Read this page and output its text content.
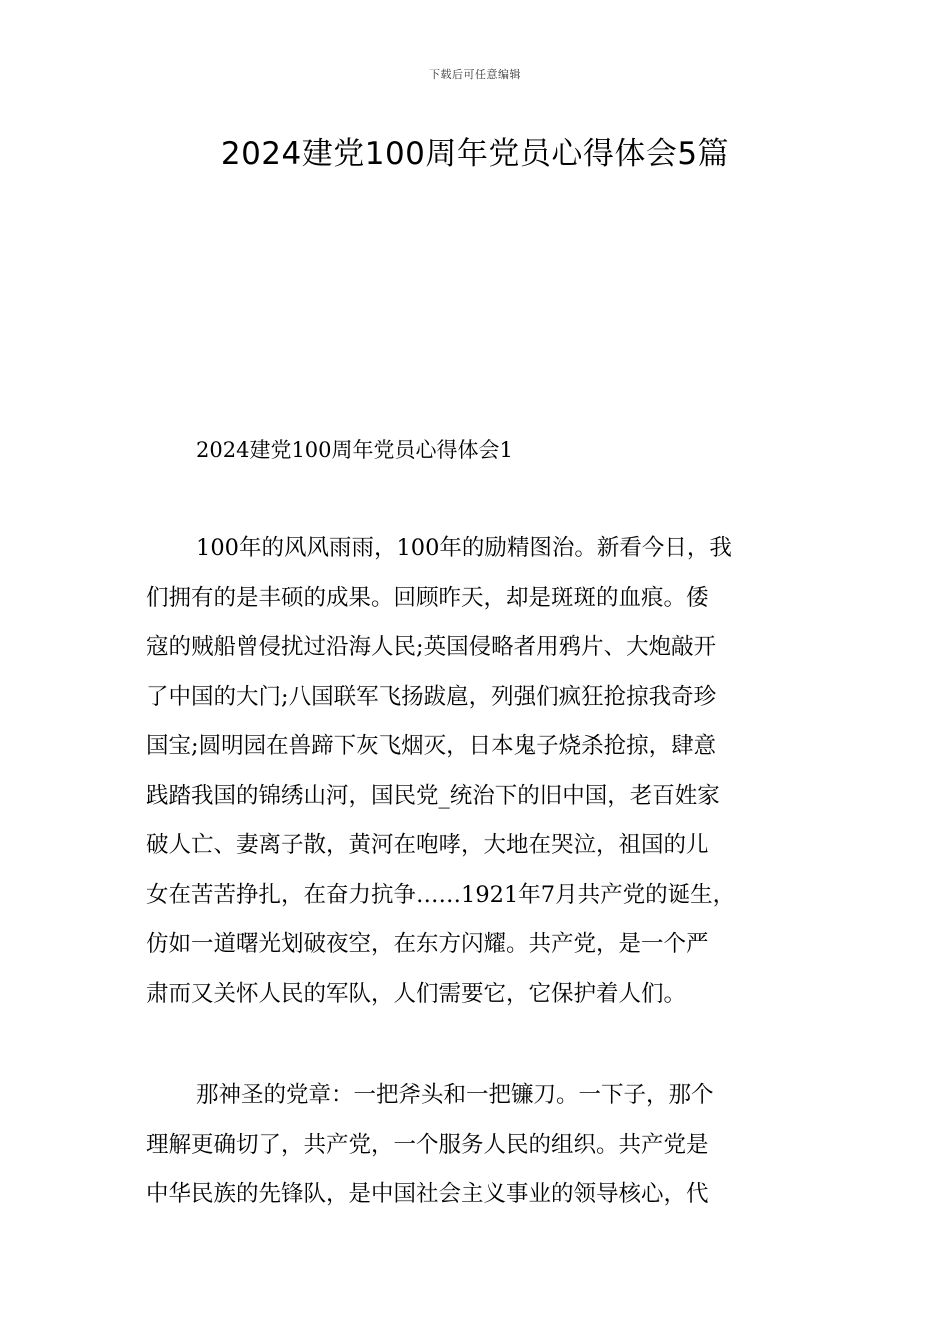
下载后可任意编辑
2024建党100周年党员心得体会5篇
2024建党100周年党员心得体会1

100年的风风雨雨，100年的励精图治。新看今日，我
们拥有的是丰硕的成果。回顾昨天，却是斑斑的血痕。倭
寇的贼船曾侵扰过沿海人民;英国侵略者用鸦片、大炮敲开
了中国的大门;八国联军飞扬跋扈，列强们疯狂抢掠我奇珍
国宝;圆明园在兽蹄下灰飞烟灭，日本鬼子烧杀抢掠，肆意
践踏我国的锦绣山河，国民党_统治下的旧中国，老百姓家
破人亡、妻离子散，黄河在咆哮，大地在哭泣，祖国的儿
女在苦苦挣扎，在奋力抗争……1921年7月共产党的诞生，
仿如一道曙光划破夜空，在东方闪耀。共产党，是一个严
肃而又关怀人民的军队，人们需要它，它保护着人们。

那神圣的党章：一把斧头和一把镰刀。一下子，那个
理解更确切了，共产党，一个服务人民的组织。共产党是
中华民族的先锋队，是中国社会主义事业的领导核心，代
